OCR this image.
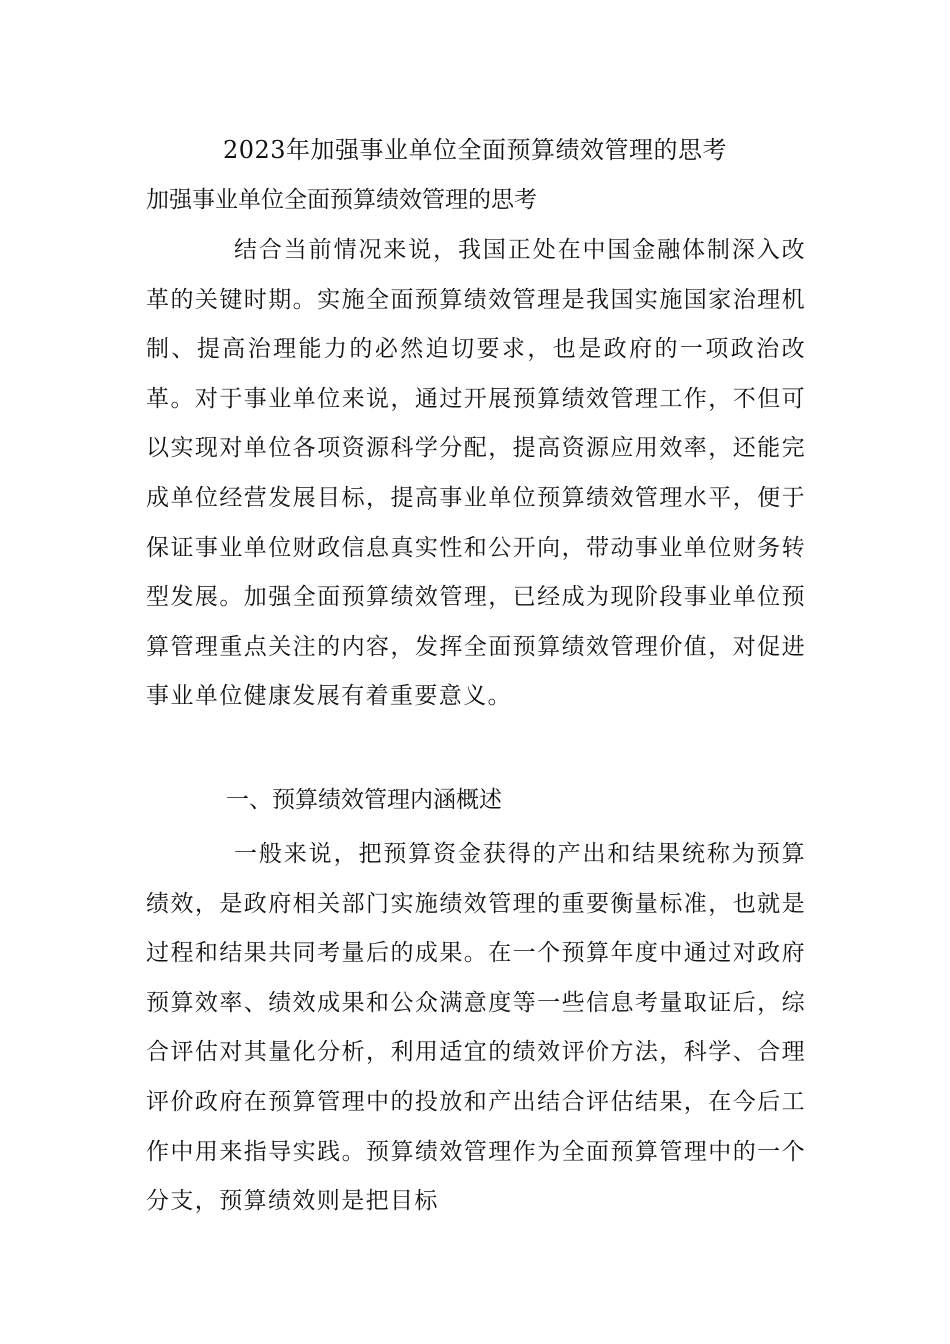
2023年加强事业单位全面预算绩效管理的思考
加强事业单位全面预算绩效管理的思考

结合当前情况来说，我国正处在中国金融体制深入改革的关键时期。实施全面预算绩效管理是我国实施国家治理机制、提高治理能力的必然迫切要求，也是政府的一项政治改革。对于事业单位来说，通过开展预算绩效管理工作，不但可以实现对单位各项资源科学分配，提高资源应用效率，还能完成单位经营发展目标，提高事业单位预算绩效管理水平，便于保证事业单位财政信息真实性和公开向，带动事业单位财务转型发展。加强全面预算绩效管理，已经成为现阶段事业单位预算管理重点关注的内容，发挥全面预算绩效管理价值，对促进事业单位健康发展有着重要意义。

一、预算绩效管理内涵概述

一般来说，把预算资金获得的产出和结果统称为预算绩效，是政府相关部门实施绩效管理的重要衡量标准，也就是过程和结果共同考量后的成果。在一个预算年度中通过对政府预算效率、绩效成果和公众满意度等一些信息考量取证后，综合评估对其量化分析，利用适宜的绩效评价方法，科学、合理评价政府在预算管理中的投放和产出结合评估结果，在今后工作中用来指导实践。预算绩效管理作为全面预算管理中的一个分支，预算绩效则是把目标
